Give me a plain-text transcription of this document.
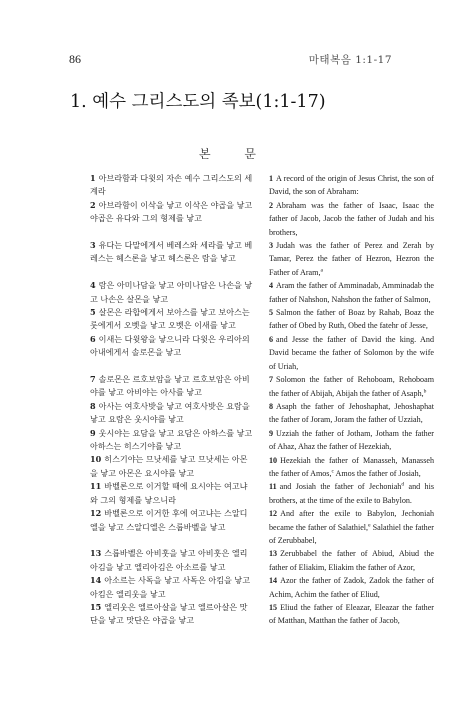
86	마태복음 1:1-17
1. 예수 그리스도의 족보(1:1-17)
본 문

1 아브라함과 다윗의 자손 예수 그리스도의 세계라

2 아브라함이 이삭을 낳고 이삭은 야곱을 낳고 야곱은 유다와 그의 형제를 낳고

3 유다는 다말에게서 베레스와 세라를 낳고 베레스는 헤스론을 낳고 헤스론은 람을 낳고

4 람은 아미나담을 낳고 아미나담은 나손을 낳고 나손은 살몬을 낳고

5 살몬은 라합에게서 보아스를 낳고 보아스는 룻에게서 오벳을 낳고 오벳은 이새를 낳고

6 이새는 다윗왕을 낳으니라 다윗은 우리아의 아내에게서 솔로몬을 낳고

7 솔로몬은 르호보암을 낳고 르호보암은 아비야를 낳고 아비야는 아사를 낳고

8 아사는 여호사밧을 낳고 여호사밧은 요람을 낳고 요람은 웃시야를 낳고

9 웃시야는 요담을 낳고 요담은 아하스를 낳고 아하스는 히스기야를 낳고

10 히스기야는 므낫세를 낳고 므낫세는 아몬을 낳고 아몬은 요시야를 낳고

11 바벨론으로 이거할 때에 요시야는 여고냐와 그의 형제를 낳으니라

12 바벨론으로 이거한 후에 여고냐는 스알디엘을 낳고 스알디엘은 스룹바벨을 낳고

13 스룹바벨은 아비훗을 낳고 아비훗은 엘리아김을 낳고 엘리아김은 아소르를 낳고

14 아소르는 사독을 낳고 사독은 아킴을 낳고 아킴은 엘리웃을 낳고

15 엘리웃은 엘르아살을 낳고 엘르아살은 맛단을 낳고 맛단은 야곱을 낳고

1 A record of the origin of Jesus Christ, the son of David, the son of Abraham:

2 Abraham was the father of Isaac, Isaac the father of Jacob, Jacob the father of Judah and his brothers,

3 Judah was the father of Perez and Zerah by Tamar, Perez the father of Hezron, Hezron the Father of Aram,$^a$

4 Aram the father of Amminadab, Amminadab the father of Nahshon, Nahshon the father of Salmon,

5 Salmon the father of Boaz by Rahab, Boaz the father of Obed by Ruth, Obed the fatehr of Jesse,

6 and Jesse the father of David the king. And David became the father of Solomon by the wife of Uriah,

7 Solomon the father of Rehoboam, Rehoboam the father of Abijah, Abijah the father of Asaph,$^b$

8 Asaph the father of Jehoshaphat, Jehoshaphat the father of Joram, Joram the father of Uzziah,

9 Uzziah the father of Jotham, Jotham the father of Ahaz, Ahaz the father of Hezekiah,

10 Hezekiah the father of Manasseh, Manasseh the father of Amos,$^c$ Amos the father of Josiah,

11 and Josiah the father of Jechoniah$^d$ and his brothers, at the time of the exile to Babylon.

12 And after the exile to Babylon, Jechoniah became the father of Salathiel,$^e$ Salathiel the father of Zerubbabel,

13 Zerubbabel the father of Abiud, Abiud the father of Eliakim, Eliakim the father of Azor,

14 Azor the father of Zadok, Zadok the father of Achim, Achim the father of Eliud,

15 Eliud the father of Eleazar, Eleazar the father of Matthan, Matthan the father of Jacob,
